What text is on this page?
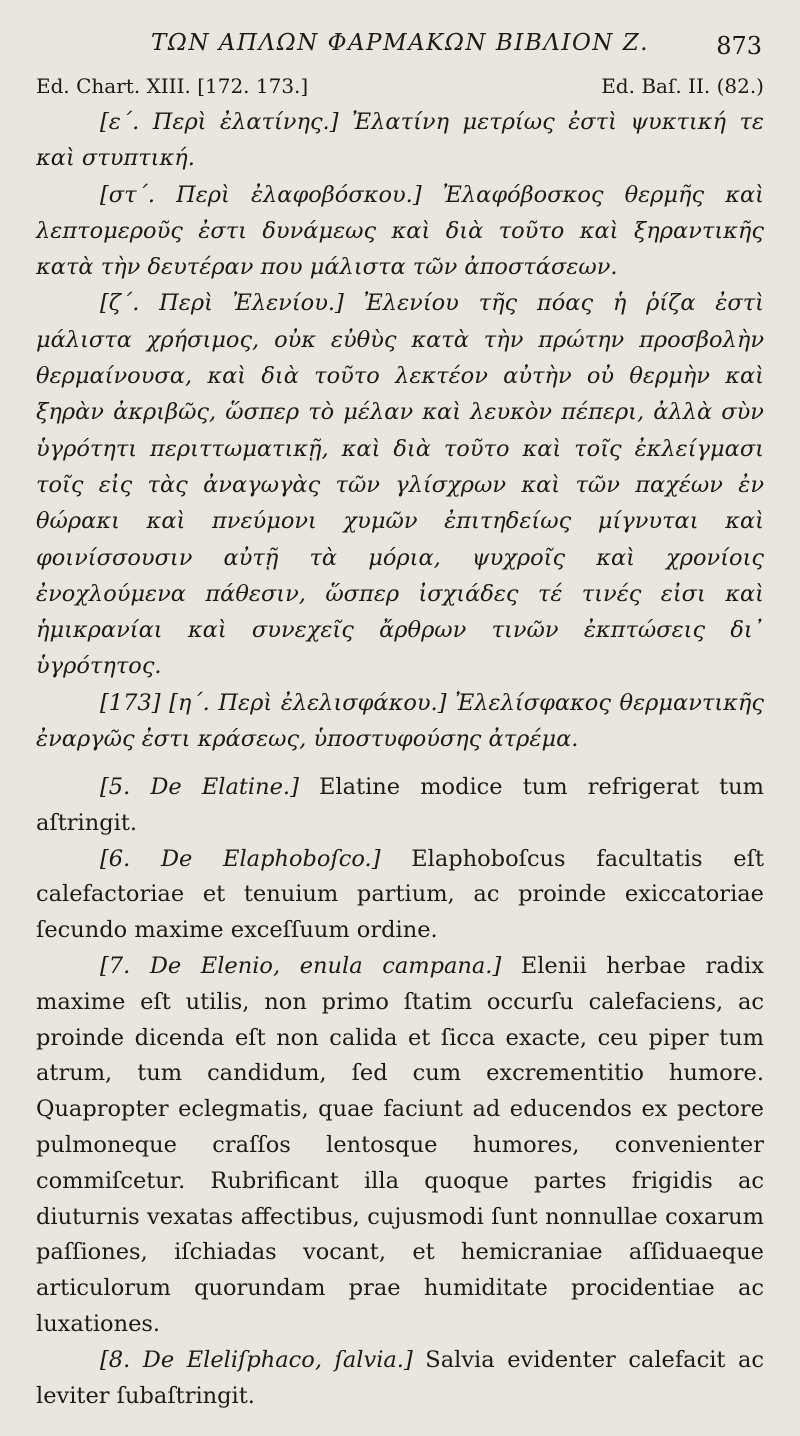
ΤΩΝ ΑΠΛΩΝ ΦΑΡΜΑΚΩΝ ΒΙΒΛΙΟΝ Ζ.	873
Ed. Chart. XIII. [172. 173.]	Ed. Baſ. II. (82.)

[ε΄. Περὶ ἐλατίνης.] Ἐλατίνη μετρίως ἐστὶ ψυκτική τε καὶ στυπτική.

[στ΄. Περὶ ἐλαφοβόσκου.] Ἐλαφόβοσκος θερμῆς καὶ λεπτομεροῦς ἐστι δυνάμεως καὶ διὰ τοῦτο καὶ ξηραντικῆς κατὰ τὴν δευτέραν που μάλιστα τῶν ἀποστάσεων.

[ζ΄. Περὶ Ἐλενίου.] Ἐλενίου τῆς πόας ἡ ῥίζα ἐστὶ μάλιστα χρήσιμος, οὐκ εὐθὺς κατὰ τὴν πρώτην προσβολὴν θερμαίνουσα, καὶ διὰ τοῦτο λεκτέον αὐτὴν οὐ θερμὴν καὶ ξηρὰν ἀκριβῶς, ὥσπερ τὸ μέλαν καὶ λευκὸν πέπερι, ἀλλὰ σὺν ὑγρότητι περιττωματικῇ, καὶ διὰ τοῦτο καὶ τοῖς ἐκλείγμασι τοῖς εἰς τὰς ἀναγωγὰς τῶν γλίσχρων καὶ τῶν παχέων ἐν θώρακι καὶ πνεύμονι χυμῶν ἐπιτηδείως μίγνυται καὶ φοινίσσουσιν αὐτῇ τὰ μόρια, ψυχροῖς καὶ χρονίοις ἐνοχλούμενα πάθεσιν, ὥσπερ ἰσχιάδες τέ τινές εἰσι καὶ ἡμικρανίαι καὶ συνεχεῖς ἄρθρων τινῶν ἐκπτώσεις δι᾽ ὑγρότητος.

[173] [η΄. Περὶ ἐλελισφάκου.] Ἐλελίσφακος θερμαντικῆς ἐναργῶς ἐστι κράσεως, ὑποστυφούσης ἀτρέμα.

[5. De Elatine.] Elatine modice tum refrigerat tum aſtringit.

[6. De Elaphoboſco.] Elaphoboſcus facultatis eſt calefactoriae et tenuium partium, ac proinde exiccatoriae ſecundo maxime exceſſuum ordine.

[7. De Elenio, enula campana.] Elenii herbae radix maxime eſt utilis, non primo ſtatim occurſu calefaciens, ac proinde dicenda eſt non calida et ſicca exacte, ceu piper tum atrum, tum candidum, ſed cum excrementitio humore. Quapropter eclegmatis, quae faciunt ad educendos ex pectore pulmoneque craſſos lentosque humores, convenienter commiſcetur. Rubrificant illa quoque partes frigidis ac diuturnis vexatas affectibus, cujusmodi ſunt nonnullae coxarum paſſiones, iſchiadas vocant, et hemicraniae aſſiduaeque articulorum quorundam prae humiditate procidentiae ac luxationes.

[8. De Eleliſphaco, ſalvia.] Salvia evidenter calefacit ac leviter ſubaſtringit.
